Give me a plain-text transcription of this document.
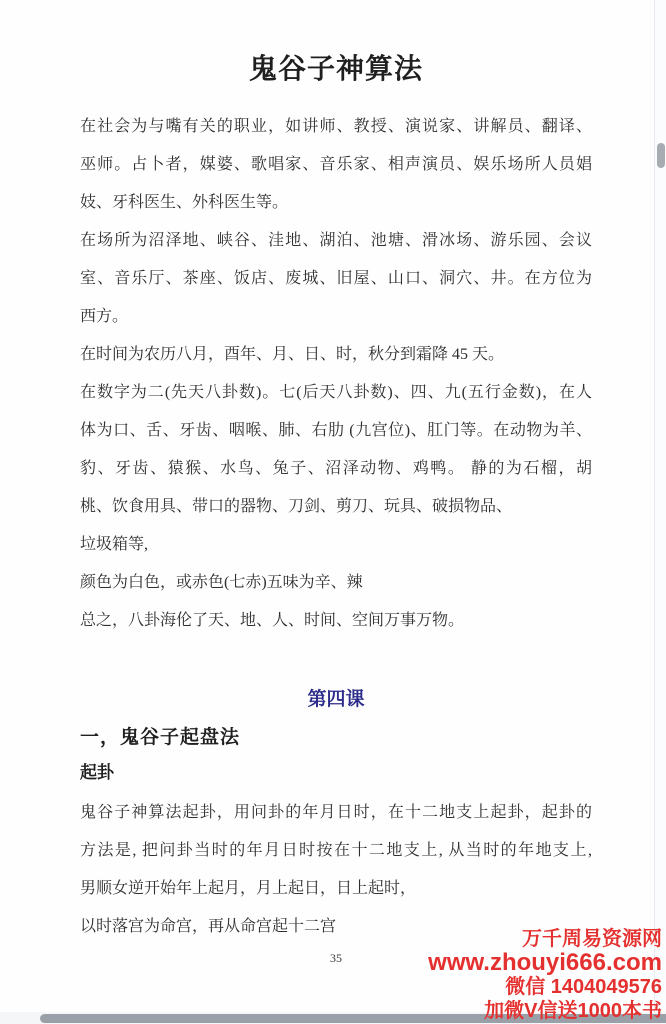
鬼谷子神算法
在社会为与嘴有关的职业，如讲师、教授、演说家、讲解员、翻译、
巫师。占卜者，媒婆、歌唱家、音乐家、相声演员、娱乐场所人员娼
妓、牙科医生、外科医生等。
在场所为沼泽地、峡谷、洼地、湖泊、池塘、滑冰场、游乐园、会议
室、音乐厅、茶座、饭店、废城、旧屋、山口、洞穴、井。在方位为
西方。
在时间为农历八月，酉年、月、日、时，秋分到霜降 45 天。
在数字为二(先天八卦数)。七(后天八卦数)、四、九(五行金数)，在人
体为口、舌、牙齿、咽喉、肺、右肋 (九宫位)、肛门等。在动物为羊、
豹、牙齿、猿猴、水鸟、兔子、沼泽动物、鸡鸭。 静的为石榴，胡
桃、饮食用具、带口的器物、刀剑、剪刀、玩具、破损物品、
垃圾箱等,
颜色为白色，或赤色(七赤)五味为辛、辣
总之，八卦海伦了天、地、人、时间、空间万事万物。
第四课
一，鬼谷子起盘法
起卦
鬼谷子神算法起卦，用问卦的年月日时，在十二地支上起卦，起卦的
方法是, 把问卦当时的年月日时按在十二地支上, 从当时的年地支上,
男顺女逆开始年上起月，月上起日，日上起时，
以时落宫为命宫，再从命宫起十二宫
35
万千周易资源网
www.zhouyi666.com
微信 1404049576
加微V信送1000本书
